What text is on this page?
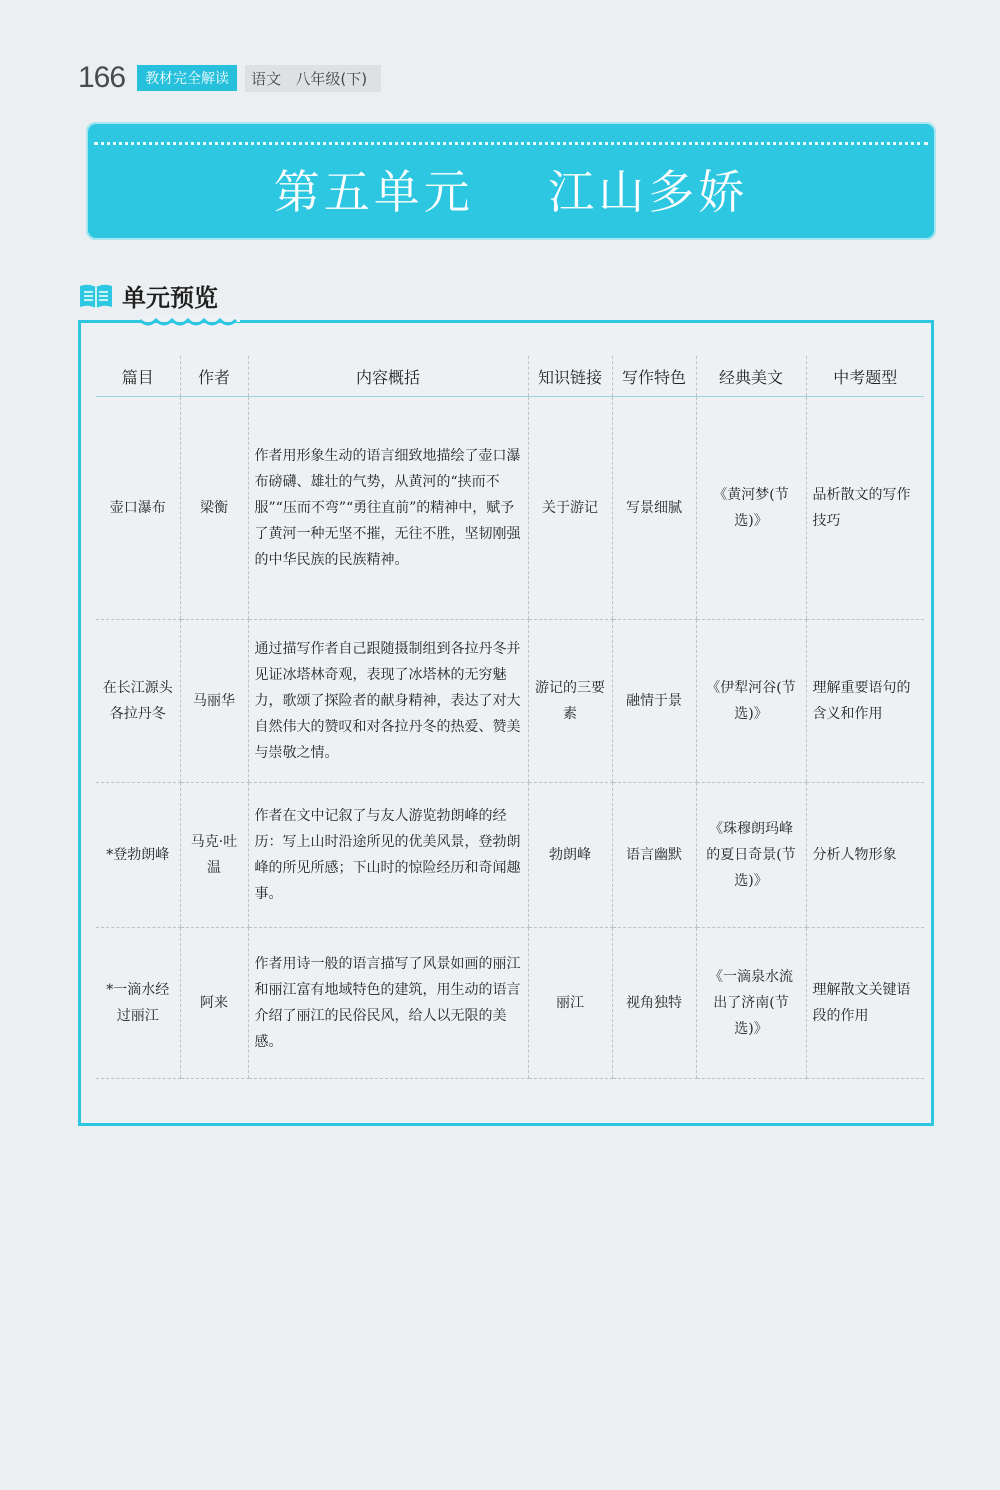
166	教材完全解读	语文   八年级(下)
第五单元    江山多娇
单元预览
篇目	作者	内容概括	知识链接	写作特色	经典美文	中考题型
壶口瀑布	梁衡	作者用形象生动的语言细致地描绘了壶口瀑布磅礴、雄壮的气势，从黄河的“挟而不服”“压而不弯”“勇往直前”的精神中，赋予了黄河一种无坚不摧，无往不胜，坚韧刚强的中华民族的民族精神。	关于游记	写景细腻	《黄河梦(节选)》	品析散文的写作技巧
在长江源头各拉丹冬	马丽华	通过描写作者自己跟随摄制组到各拉丹冬并见证冰塔林奇观，表现了冰塔林的无穷魅力，歌颂了探险者的献身精神，表达了对大自然伟大的赞叹和对各拉丹冬的热爱、赞美与崇敬之情。	游记的三要素	融情于景	《伊犁河谷(节选)》	理解重要语句的含义和作用
*登勃朗峰	马克·吐温	作者在文中记叙了与友人游览勃朗峰的经历：写上山时沿途所见的优美风景，登勃朗峰的所见所感；下山时的惊险经历和奇闻趣事。	勃朗峰	语言幽默	《珠穆朗玛峰的夏日奇景(节选)》	分析人物形象
*一滴水经过丽江	阿来	作者用诗一般的语言描写了风景如画的丽江和丽江富有地域特色的建筑，用生动的语言介绍了丽江的民俗民风，给人以无限的美感。	丽江	视角独特	《一滴泉水流出了济南(节选)》	理解散文关键语段的作用
